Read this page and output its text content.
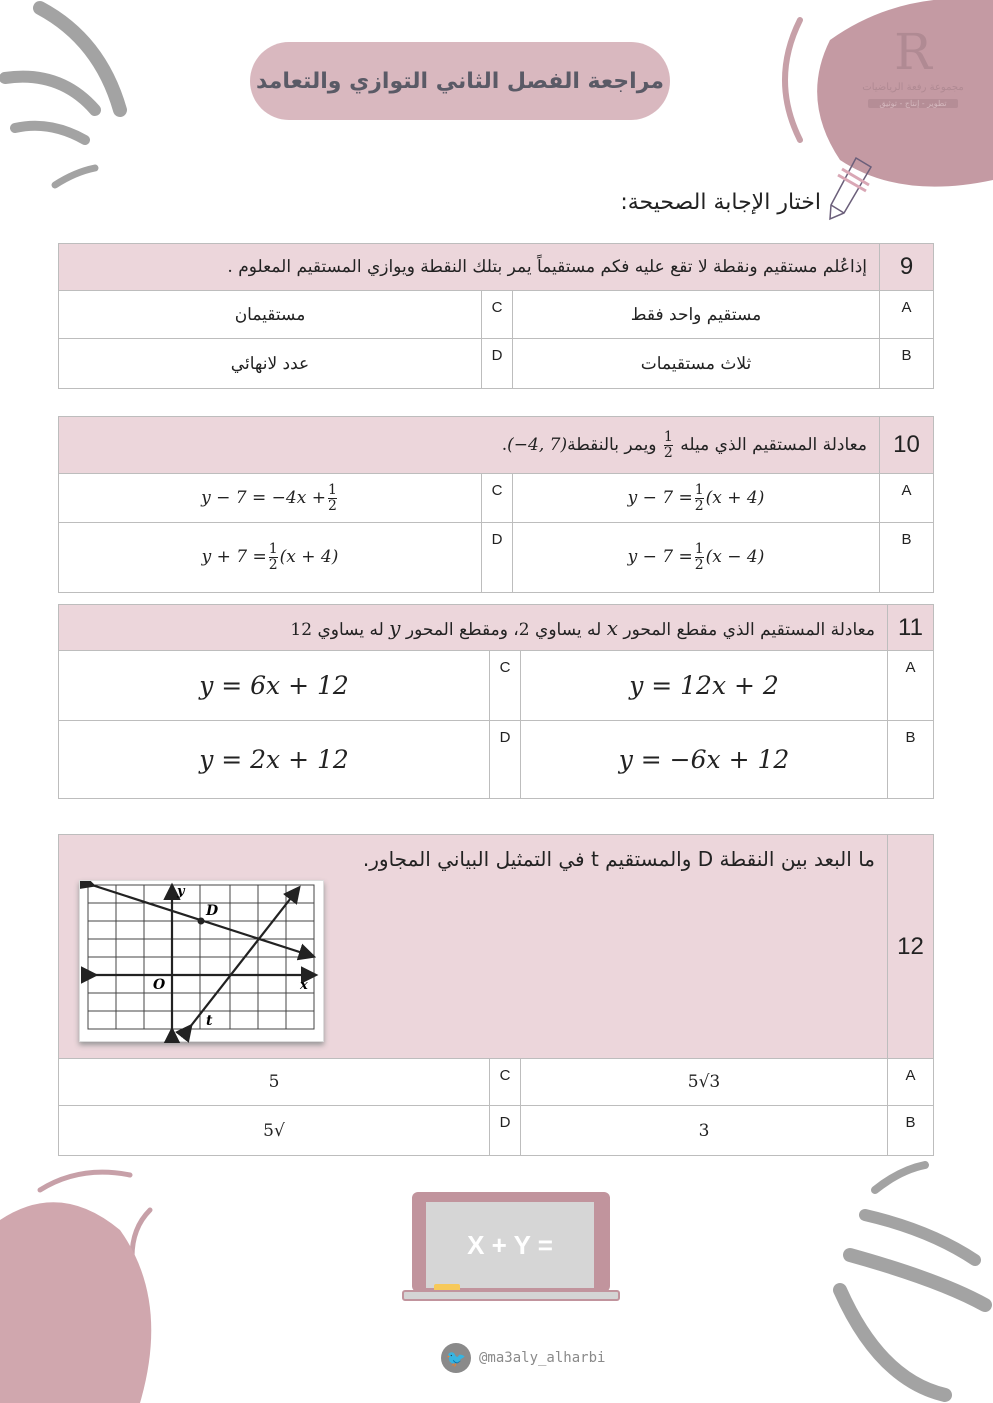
R
مجموعة رفعة الرياضيات
تطوير - إنتاج - توثيق
مراجعة الفصل الثاني التوازي والتعامد
اختار الإجابة الصحيحة:
9	إذاعُلم مستقيم ونقطة لا تقع عليه فكم مستقيماً يمر بتلك النقطة ويوازي المستقيم المعلوم .		
A	مستقيم واحد فقط	C	مستقيمان
B	ثلاث مستقيمات	D	عدد لانهائي
10	معادلة المستقيم الذي ميله
$\frac{1}{2}$
ويمر بالنقطة(−4, 7).		
A	$y - 7 = \frac{1}{2} (x + 4)$	C	$y - 7 = -4x + \frac{1}{2}$

B	$y - 7 = \frac{1}{2} (x - 4)$	D	$y + 7 = \frac{1}{2} (x + 4)$
11	معادلة المستقيم الذي مقطع المحور x له يساوي 2، ومقطع المحور y له يساوي 12		
A	y = 12x + 2	C	y = 6x + 12
B	y = −6x + 12	D	y = 2x + 12
12	ما البعد بين النقطة D والمستقيم t في التمثيل البياني المجاور.		
A	3√5	C	5
B	3	D	√5
y
x
O
D
t
X + Y =
🐦 @ma3aly_alharbi
